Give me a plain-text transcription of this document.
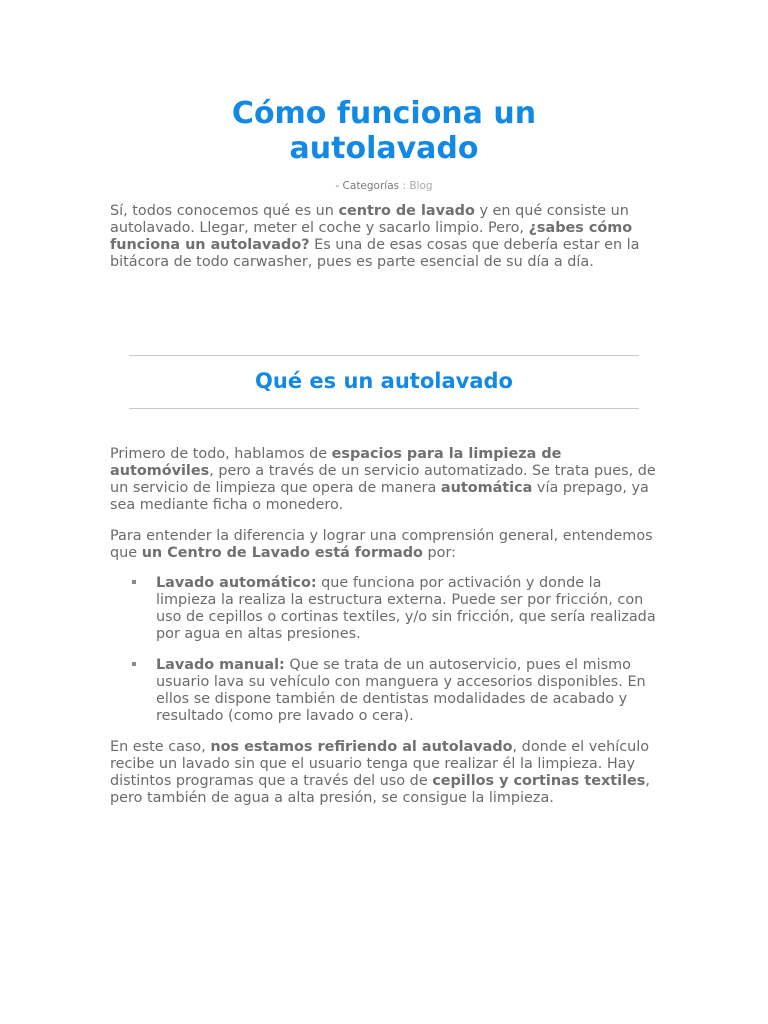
Cómo funciona un autolavado
- Categorías : Blog

Sí, todos conocemos qué es un centro de lavado y en qué consiste un autolavado. Llegar, meter el coche y sacarlo limpio. Pero, ¿sabes cómo funciona un autolavado? Es una de esas cosas que debería estar en la bitácora de todo carwasher, pues es parte esencial de su día a día.

Qué es un autolavado

Primero de todo, hablamos de espacios para la limpieza de automóviles, pero a través de un servicio automatizado. Se trata pues, de un servicio de limpieza que opera de manera automática vía prepago, ya sea mediante ficha o monedero.

Para entender la diferencia y lograr una comprensión general, entendemos que un Centro de Lavado está formado por:

Lavado automático: que funciona por activación y donde la limpieza la realiza la estructura externa. Puede ser por fricción, con uso de cepillos o cortinas textiles, y/o sin fricción, que sería realizada por agua en altas presiones.
Lavado manual: Que se trata de un autoservicio, pues el mismo usuario lava su vehículo con manguera y accesorios disponibles. En ellos se dispone también de dentistas modalidades de acabado y resultado (como pre lavado o cera).

En este caso, nos estamos refiriendo al autolavado, donde el vehículo recibe un lavado sin que el usuario tenga que realizar él la limpieza. Hay distintos programas que a través del uso de cepillos y cortinas textiles, pero también de agua a alta presión, se consigue la limpieza.
